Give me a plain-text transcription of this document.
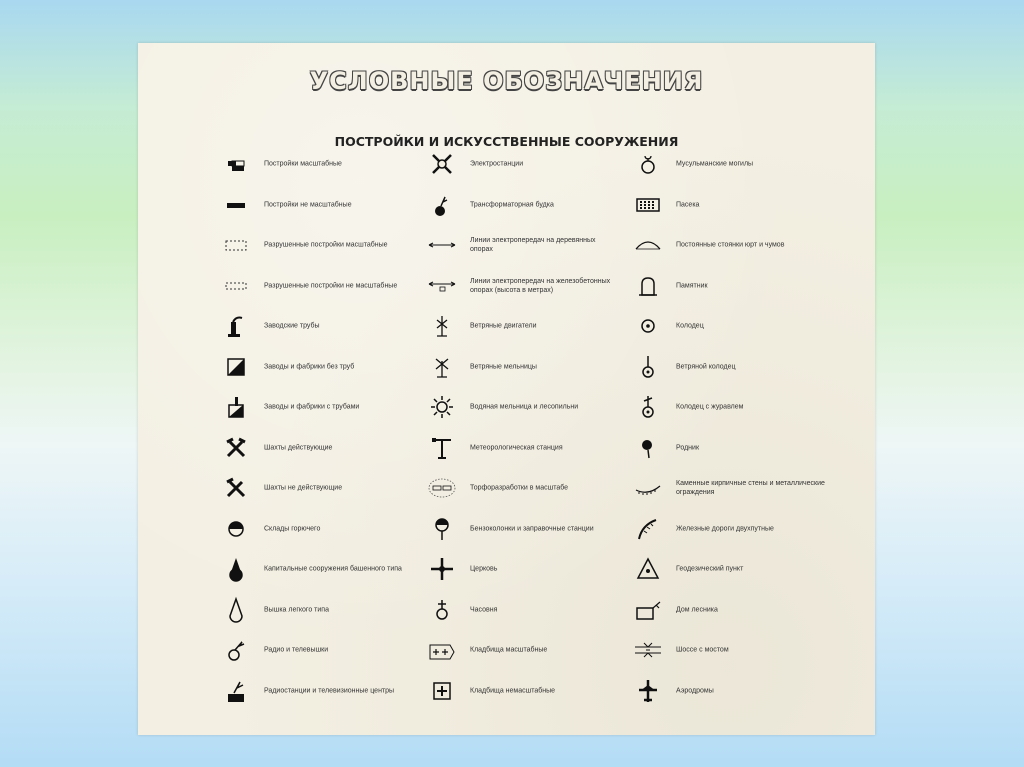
УСЛОВНЫЕ ОБОЗНАЧЕНИЯ
ПОСТРОЙКИ И ИСКУССТВЕННЫЕ СООРУЖЕНИЯ
Постройки масштабные
Постройки не масштабные
Разрушенные постройки масштабные
Разрушенные постройки не масштабные
Заводские трубы
Заводы и фабрики без труб
Заводы и фабрики с трубами
Шахты действующие
Шахты не действующие
Склады горючего
Капитальные сооружения башенного типа
Вышка легкого типа
Радио и телевышки
Радиостанции и телевизионные центры
Электростанции
Трансформаторная будка
Линии электропередач на деревянных опорах
Линии электропередач на железобетонных опорах (высота в метрах)
Ветряные двигатели
Ветряные мельницы
Водяная мельница и лесопильни
Метеорологическая станция
Торфоразработки в масштабе
Бензоколонки и заправочные станции
Церковь
Часовня
Кладбища масштабные
Кладбища немасштабные
Мусульманские могилы
Пасека
Постоянные стоянки юрт и чумов
Памятник
Колодец
Ветряной колодец
Колодец с журавлем
Родник
Каменные кирпичные стены и металлические ограждения
Железные дороги двухпутные
Геодезический пункт
Дом лесника
Шоссе с мостом
Аэродромы
